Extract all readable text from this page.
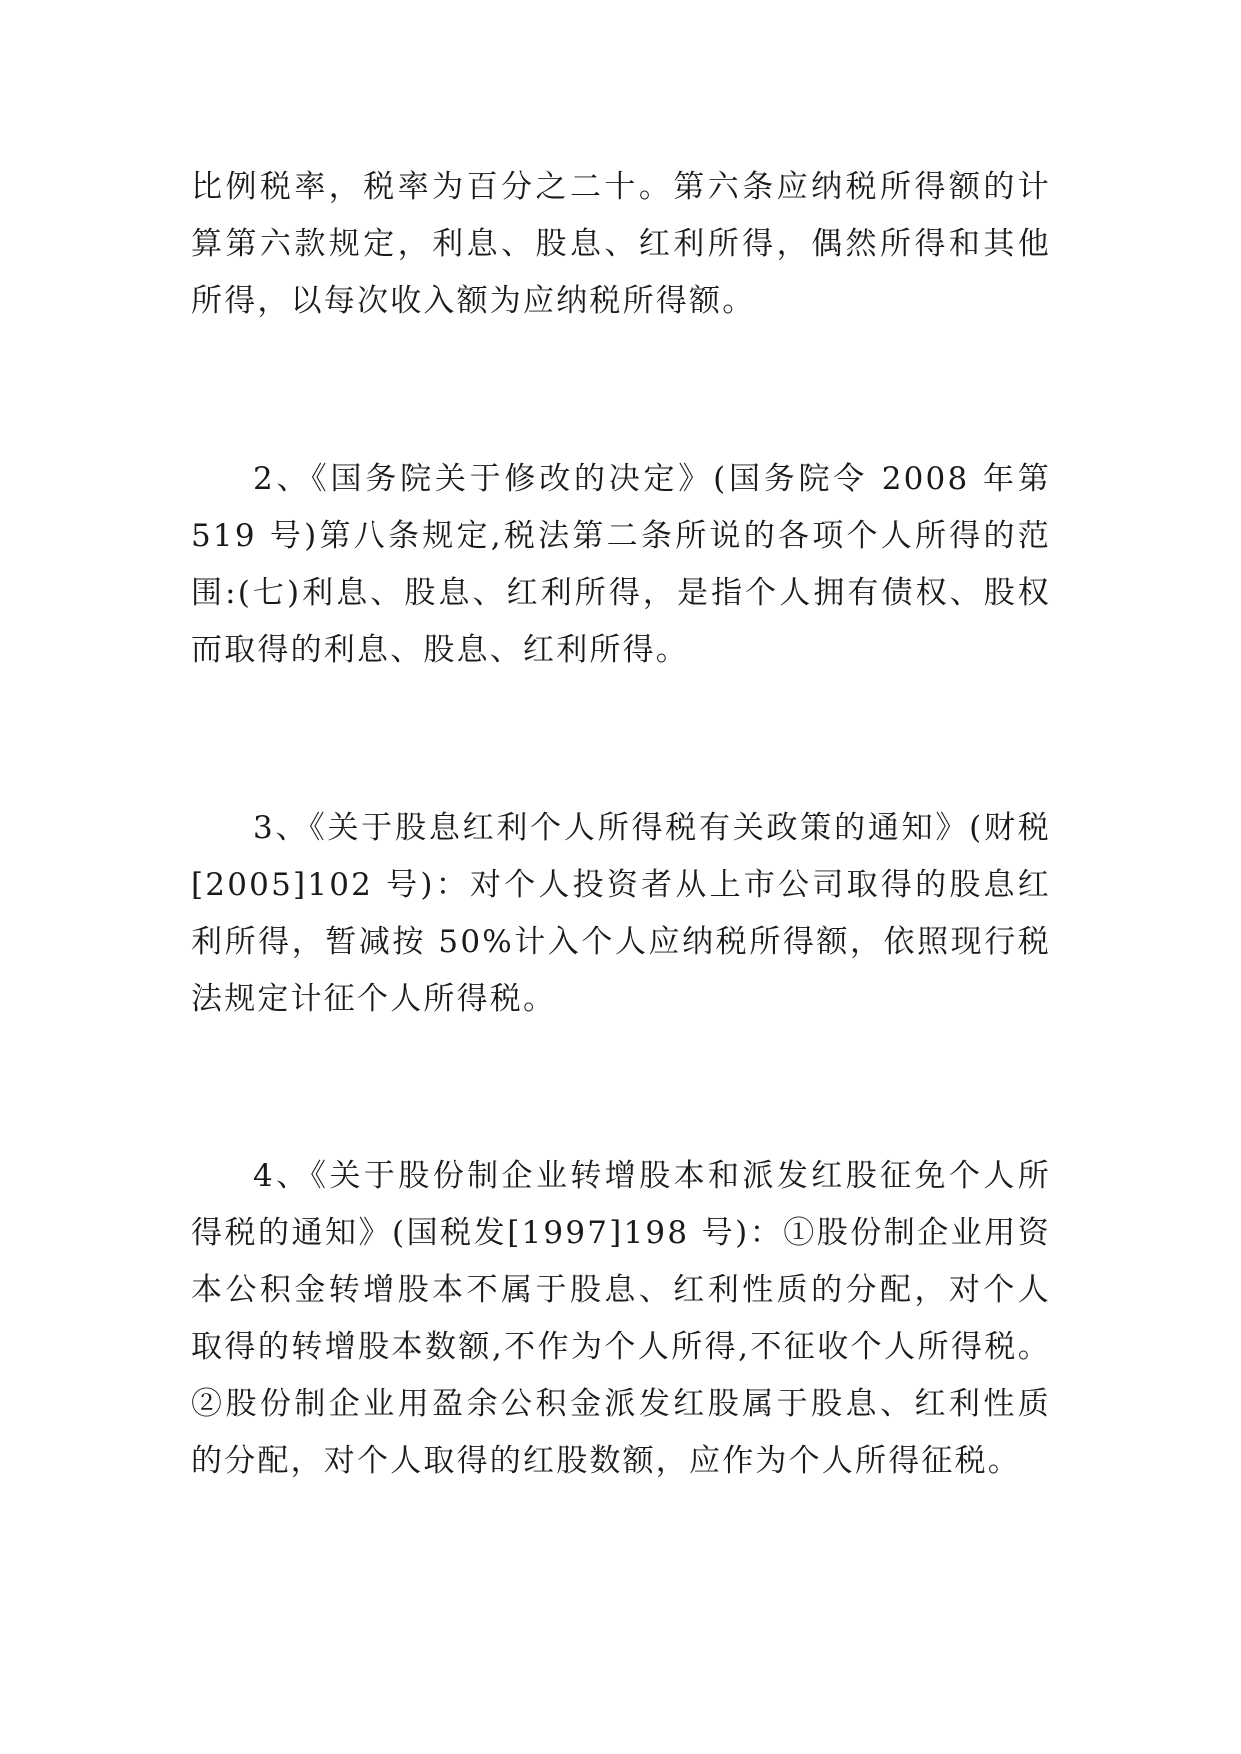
比例税率，税率为百分之二十。第六条应纳税所得额的计算第六款规定，利息、股息、红利所得，偶然所得和其他所得，以每次收入额为应纳税所得额。

2、《国务院关于修改的决定》(国务院令 2008 年第 519 号)第八条规定,税法第二条所说的各项个人所得的范围:(七)利息、股息、红利所得，是指个人拥有债权、股权而取得的利息、股息、红利所得。

3、《关于股息红利个人所得税有关政策的通知》(财税[2005]102 号)：对个人投资者从上市公司取得的股息红利所得，暂减按 50%计入个人应纳税所得额，依照现行税法规定计征个人所得税。

4、《关于股份制企业转增股本和派发红股征免个人所得税的通知》(国税发[1997]198 号)：①股份制企业用资本公积金转增股本不属于股息、红利性质的分配，对个人取得的转增股本数额,不作为个人所得,不征收个人所得税。②股份制企业用盈余公积金派发红股属于股息、红利性质的分配，对个人取得的红股数额，应作为个人所得征税。
